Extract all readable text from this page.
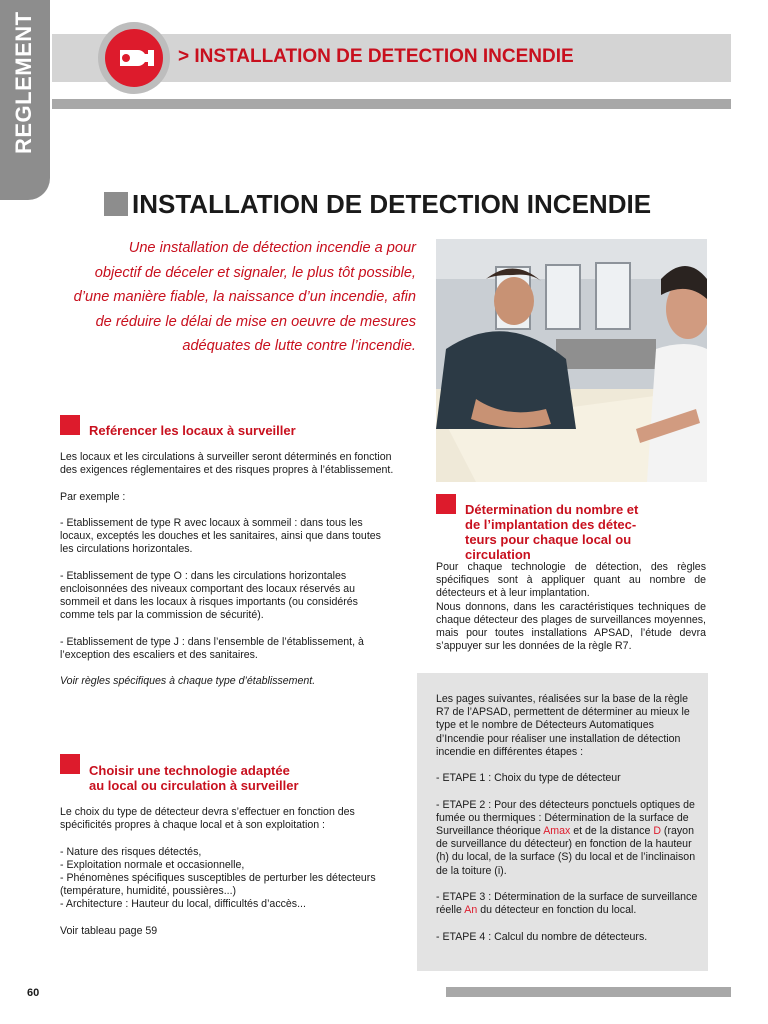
REGLEMENT	> INSTALLATION DE DETECTION INCENDIE
INSTALLATION DE DETECTION INCENDIE
Une installation de détection incendie a pour
objectif de déceler et signaler, le plus tôt possible,
d’une manière fiable, la naissance d’un incendie, afin
de réduire le délai de mise en oeuvre de mesures
adéquates de lutte contre l’incendie.
Reférencer les locaux à surveiller

Les locaux et les circulations à surveiller seront déterminés en fonction des exigences réglementaires et des risques propres à l’établissement.

Par exemple :

- Etablissement de type R avec locaux à sommeil : dans tous les locaux, exceptés les douches et les sanitaires, ainsi que dans toutes les circulations horizontales.

- Etablissement de type O : dans les circulations horizontales encloisonnées des niveaux comportant des locaux réservés au sommeil et dans les locaux à risques importants (ou considérés comme tels par la commission de sécurité).

- Etablissement de type J : dans l’ensemble de l’établissement, à l’exception des escaliers et des sanitaires.

Voir règles spécifiques à chaque type d’établissement.

Choisir une technologie adaptée
au local ou circulation à surveiller

Le choix du type de détecteur devra s’effectuer en fonction des spécificités propres à chaque local et à son exploitation :

- Nature des risques détectés,

- Exploitation normale et occasionnelle,

- Phénomènes spécifiques susceptibles de perturber les détecteurs (température, humidité, poussières...)

- Architecture : Hauteur du local, difficultés d’accès...

Voir tableau page 59

Détermination du nombre et
de l’implantation des détec-
teurs pour chaque local ou
circulation

Pour chaque technologie de détection, des règles spécifiques sont à appliquer quant au nombre de détecteurs et à leur implantation.

Nous donnons, dans les caractéristiques techniques de chaque détecteur des plages de surveillances moyennes, mais pour toutes installations APSAD, l’étude devra s’appuyer sur les données de la règle R7.

Les pages suivantes, réalisées sur la base de la règle R7 de l’APSAD, permettent de déterminer au mieux le type et le nombre de Détecteurs Automatiques d’Incendie pour réaliser une installation de détection incendie en différentes étapes :

- ETAPE 1 : Choix du type de détecteur

- ETAPE 2 : Pour des détecteurs ponctuels optiques de fumée ou thermiques : Détermination de la surface de Surveillance théorique Amax et de la distance D (rayon de surveillance du détecteur) en fonction de la hauteur (h) du local, de la surface (S) du local et de l’inclinaison de la toiture (i).

- ETAPE 3 : Détermination de la surface de surveillance réelle An du détecteur en fonction du local.

- ETAPE 4 : Calcul du nombre de détecteurs.

60
